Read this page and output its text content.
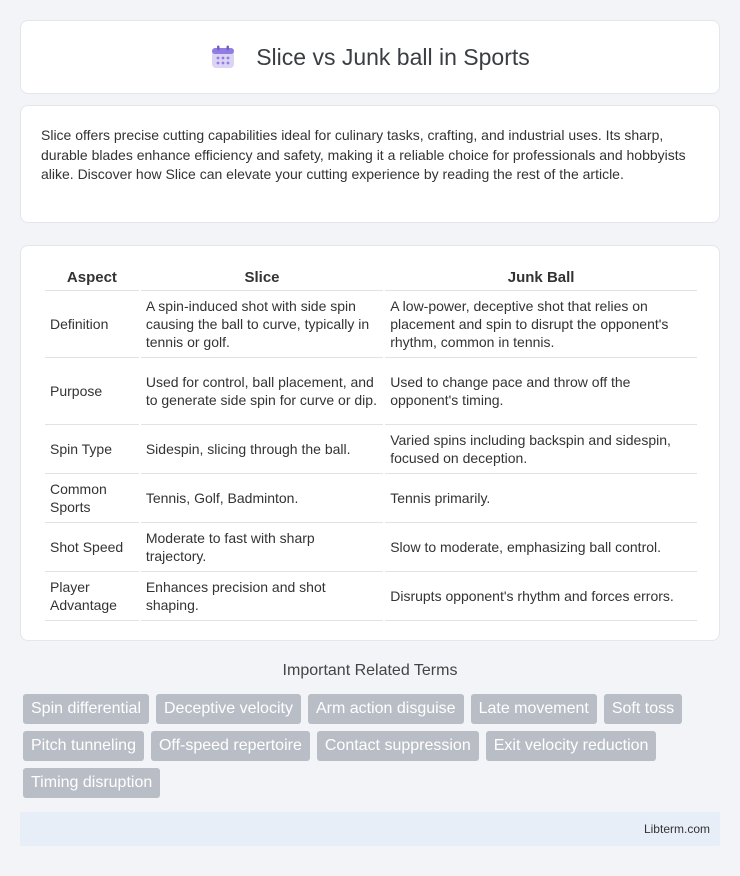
Slice vs Junk ball in Sports

Slice offers precise cutting capabilities ideal for culinary tasks, crafting, and industrial uses. Its sharp, durable blades enhance efficiency and safety, making it a reliable choice for professionals and hobbyists alike. Discover how Slice can elevate your cutting experience by reading the rest of the article.

Aspect	Slice	Junk Ball
Definition	A spin-induced shot with side spin causing the ball to curve, typically in tennis or golf.	A low-power, deceptive shot that relies on placement and spin to disrupt the opponent's rhythm, common in tennis.
Purpose	Used for control, ball placement, and to generate side spin for curve or dip.	Used to change pace and throw off the opponent's timing.
Spin Type	Sidespin, slicing through the ball.	Varied spins including backspin and sidespin, focused on deception.
Common Sports	Tennis, Golf, Badminton.	Tennis primarily.
Shot Speed	Moderate to fast with sharp trajectory.	Slow to moderate, emphasizing ball control.
Player Advantage	Enhances precision and shot shaping.	Disrupts opponent's rhythm and forces errors.
Important Related Terms
Spin differential	Deceptive velocity	Arm action disguise	Late movement	Soft toss
Pitch tunneling	Off-speed repertoire	Contact suppression	Exit velocity reduction
Timing disruption
Libterm.com
